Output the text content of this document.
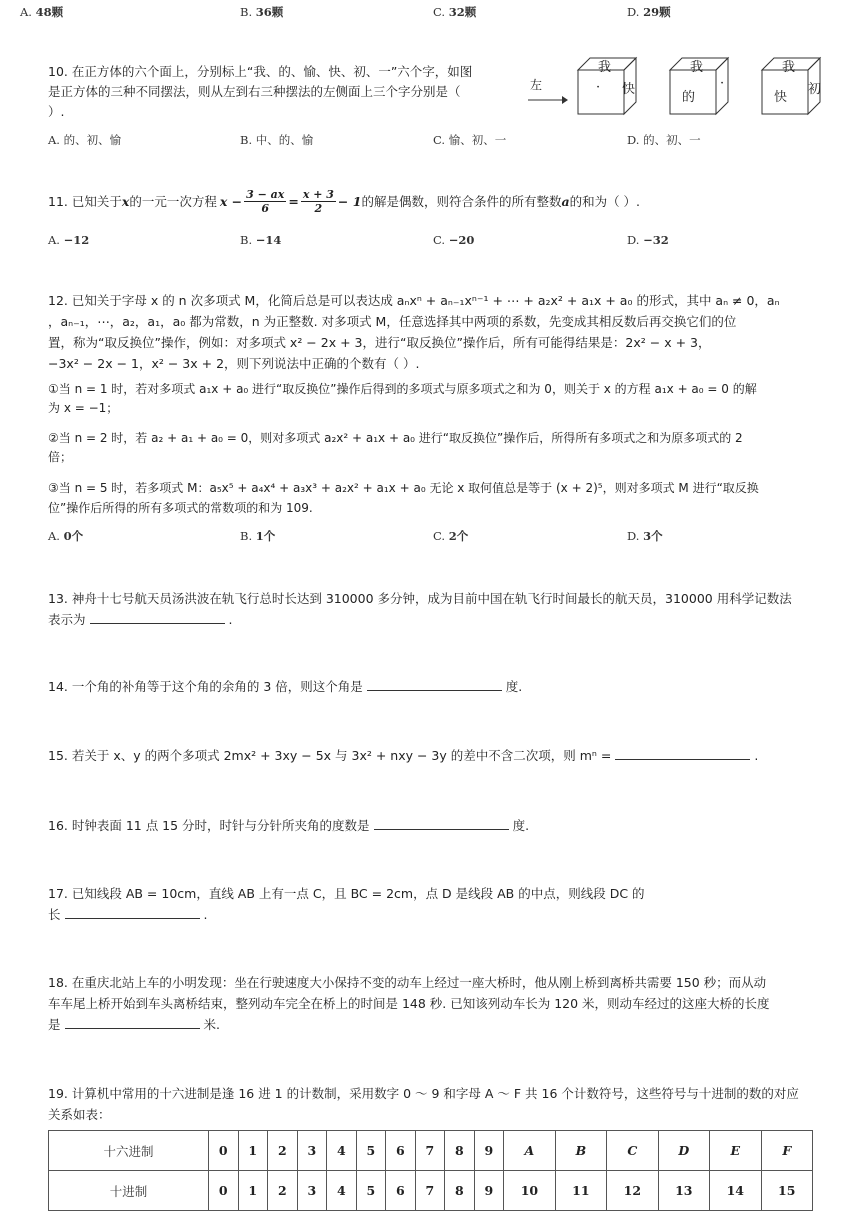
A. 48颗	B. 36颗	C. 32颗	D. 29颗
10. 在正方体的六个面上，分别标上“我、的、愉、快、初、一”六个字，如图
是正方体的三种不同摆法，则从左到右三种摆法的左侧面上三个字分别是（
）.
左
我
· 快
我
的
·
我
快
初
A. 的、初、愉	B. 中、的、愉	C. 愉、初、一	D. 的、初、一
11. 已知关于 x 的一元一次方程 $x - \frac{3 - ax}{6} = \frac{x + 3}{2} - 1$ 的解是偶数，则符合条件的所有整数 a 的和为（ ）.
A. −12	B. −14	C. −20	D. −32
12. 已知关于字母 x 的 n 次多项式 M，化简后总是可以表达成 aₙxⁿ + aₙ₋₁xⁿ⁻¹ + ⋯ + a₂x² + a₁x + a₀ 的形式，其中 aₙ ≠ 0，aₙ
，aₙ₋₁，⋯，a₂，a₁，a₀ 都为常数，n 为正整数. 对多项式 M，任意选择其中两项的系数，先变成其相反数后再交换它们的位
置，称为“取反换位”操作，例如：对多项式 x² − 2x + 3，进行“取反换位”操作后，所有可能得结果是：2x² − x + 3，
−3x² − 2x − 1，x² − 3x + 2，则下列说法中正确的个数有（ ）.
①当 n = 1 时，若对多项式 a₁x + a₀ 进行“取反换位”操作后得到的多项式与原多项式之和为 0，则关于 x 的方程 a₁x + a₀ = 0 的解
为 x = −1；
②当 n = 2 时，若 a₂ + a₁ + a₀ = 0，则对多项式 a₂x² + a₁x + a₀ 进行“取反换位”操作后，所得所有多项式之和为原多项式的 2
倍；
③当 n = 5 时，若多项式 M：a₅x⁵ + a₄x⁴ + a₃x³ + a₂x² + a₁x + a₀ 无论 x 取何值总是等于 (x + 2)⁵，则对多项式 M 进行“取反换
位”操作后所得的所有多项式的常数项的和为 109.
A. 0个	B. 1个	C. 2个	D. 3个
13. 神舟十七号航天员汤洪波在轨飞行总时长达到 310000 多分钟，成为目前中国在轨飞行时间最长的航天员，310000 用科学记数法
表示为	.
14. 一个角的补角等于这个角的余角的 3 倍，则这个角是	度.
15. 若关于 x、y 的两个多项式 2mx² + 3xy − 5x 与 3x² + nxy − 3y 的差中不含二次项，则 mⁿ =	.
16. 时钟表面 11 点 15 分时，时针与分针所夹角的度数是	度.
17. 已知线段 AB = 10cm，直线 AB 上有一点 C，且 BC = 2cm，点 D 是线段 AB 的中点，则线段 DC 的
长	.
18. 在重庆北站上车的小明发现：坐在行驶速度大小保持不变的动车上经过一座大桥时，他从刚上桥到离桥共需要 150 秒；而从动
车车尾上桥开始到车头离桥结束，整列动车完全在桥上的时间是 148 秒. 已知该列动车长为 120 米，则动车经过的这座大桥的长度
是	米.
19. 计算机中常用的十六进制是逢 16 进 1 的计数制，采用数字 0 ～ 9 和字母 A ～ F 共 16 个计数符号，这些符号与十进制的数的对应
关系如表：
十六进制	0	1	2	3	4	5	6	7	8	9	A	B	C	D	E	F
十进制	0	1	2	3	4	5	6	7	8	9	10	11	12	13	14	15
